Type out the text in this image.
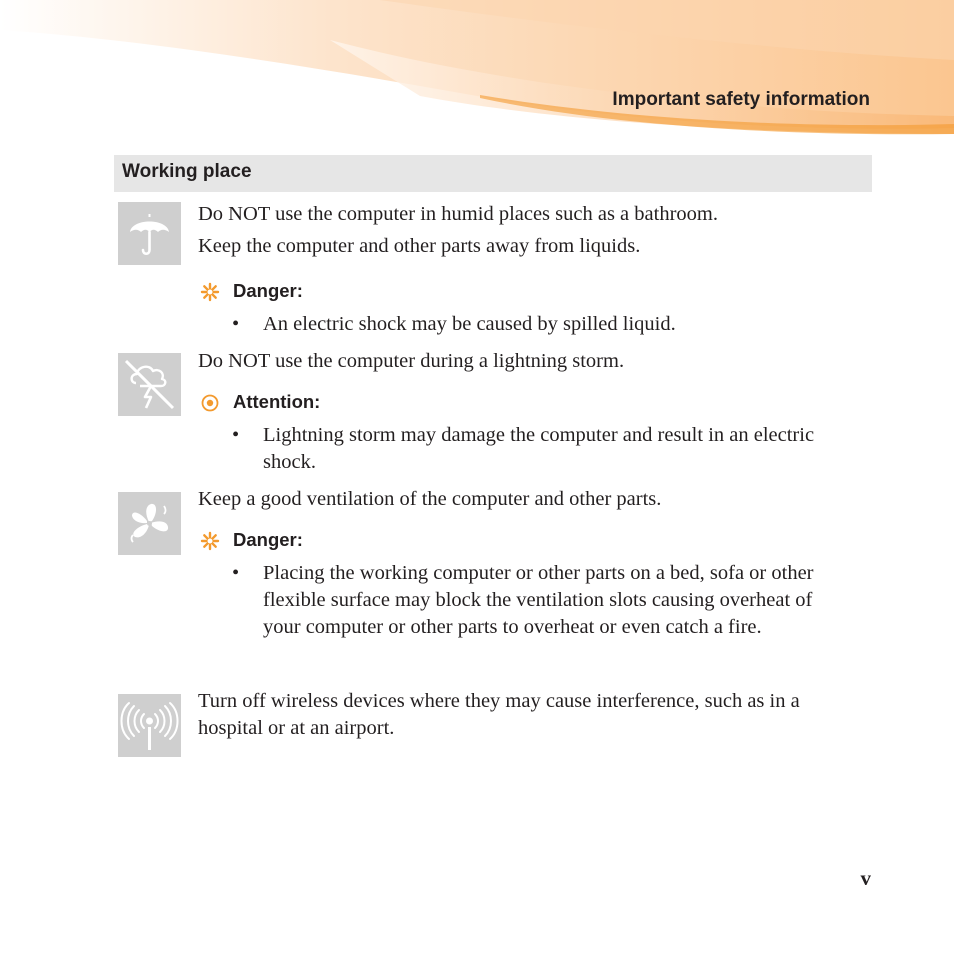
Important safety information
Working place
Do NOT use the computer in humid places such as a bathroom.
Keep the computer and other parts away from liquids.
Danger:
• An electric shock may be caused by spilled liquid.
Do NOT use the computer during a lightning storm.
Attention:
• Lightning storm may damage the computer and result in an electric shock.
Keep a good ventilation of the computer and other parts.
Danger:
• Placing the working computer or other parts on a bed, sofa or other flexible surface may block the ventilation slots causing overheat of your computer or other parts to overheat or even catch a fire.
Turn off wireless devices where they may cause interference, such as in a hospital or at an airport.
v
